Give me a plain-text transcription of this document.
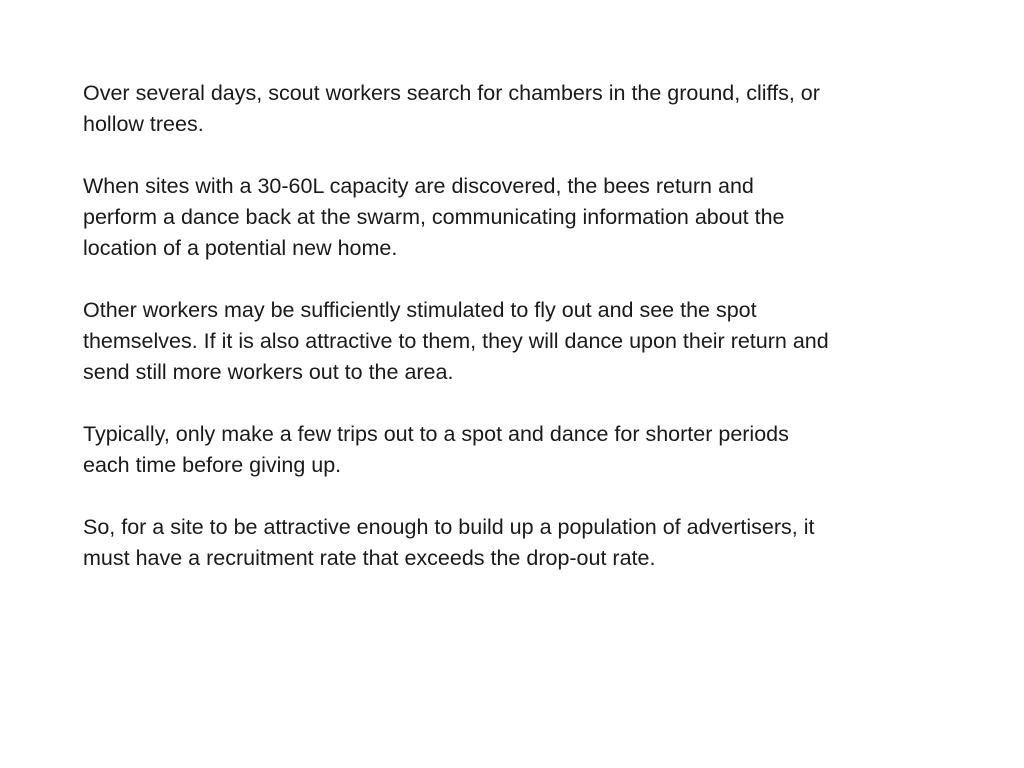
Over several days, scout workers search for chambers in the ground, cliffs, or
hollow trees.

When sites with a 30-60L capacity are discovered, the bees return and
perform a dance back at the swarm, communicating information about the
location of a potential new home.

Other workers may be sufficiently stimulated to fly out and see the spot
themselves. If it is also attractive to them, they will dance upon their return and
send still more workers out to the area.

Typically, only make a few trips out to a spot and dance for shorter periods
each time before giving up.

So, for a site to be attractive enough to build up a population of advertisers, it
must have a recruitment rate that exceeds the drop-out rate.
